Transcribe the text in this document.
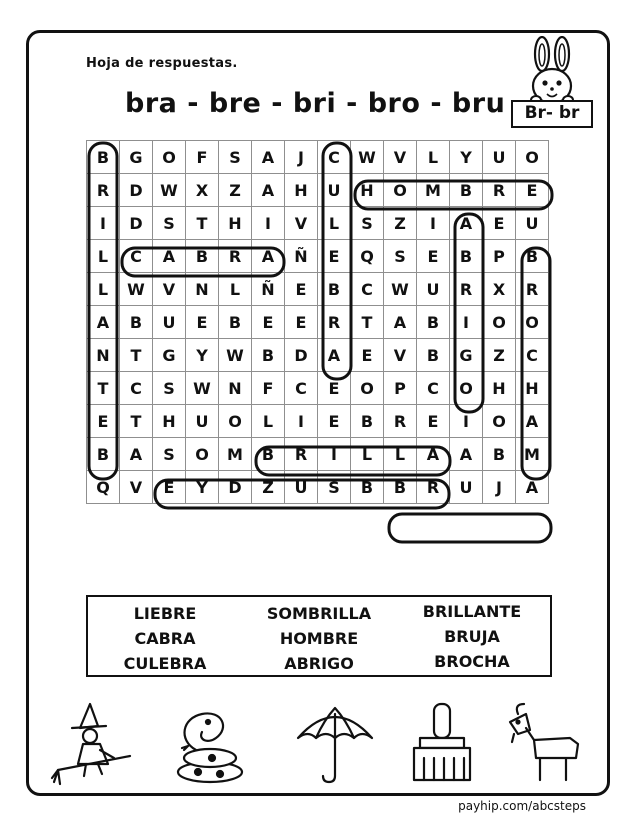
Hoja de respuestas.
bra - bre - bri - bro - bru	Br- br
B	G	O	F	S	A	J	C	W	V	L	Y	U	O
R	D	W	X	Z	A	H	U	H	O	M	B	R	E
I	D	S	T	H	I	V	L	S	Z	I	A	E	U
L	C	A	B	R	A	Ñ	E	Q	S	E	B	P	B
L	W	V	N	L	Ñ	E	B	C	W	U	R	X	R
A	B	U	E	B	E	E	R	T	A	B	I	O	O
N	T	G	Y	W	B	D	A	E	V	B	G	Z	C
T	C	S	W	N	F	C	E	O	P	C	O	H	H
E	T	H	U	O	L	I	E	B	R	E	I	O	A
B	A	S	O	M	B	R	I	L	L	A	A	B	M
Q	V	E	Y	D	Z	U	S	B	B	R	U	J	A
LIEBRE	SOMBRILLA	BRILLANTE
CABRA	HOMBRE	BRUJA
CULEBRA	ABRIGO	BROCHA
payhip.com/abcsteps
